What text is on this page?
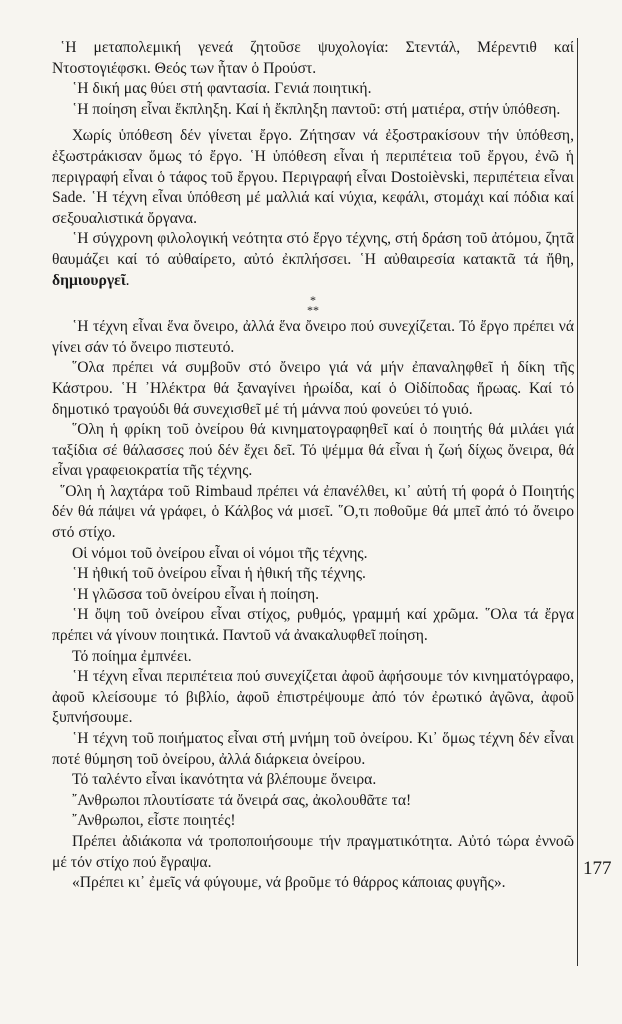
῾Η μεταπολεμική γενεά ζητοῦσε ψυχολογία: Στεντάλ, Μέρεντιθ καί Ντοστογιέφσκι. Θεός των ἦταν ὁ Προύστ.

῾Η δική μας θύει στή φαντασία. Γενιά ποιητική.

῾Η ποίηση εἶναι ἔκπληξη. Καί ἡ ἔκπληξη παντοῦ: στή ματιέρα, στήν ὑπόθεση.

Χωρίς ὑπόθεση δέν γίνεται ἔργο. Ζήτησαν νά ἐξοστρακίσουν τήν ὑπόθεση, ἐξωστράκισαν ὅμως τό ἔργο. ῾Η ὑπόθεση εἶναι ἡ περιπέτεια τοῦ ἔργου, ἐνῶ ἡ περιγραφή εἶναι ὁ τάφος τοῦ ἔργου. Περιγραφή εἶναι Dostoièvski, περιπέτεια εἶναι Sade. ῾Η τέχνη εἶναι ὑπόθεση μέ μαλλιά καί νύχια, κεφάλι, στομάχι καί πόδια καί σεξουαλιστικά ὄργανα.

῾Η σύγχρονη φιλολογική νεότητα στό ἔργο τέχνης, στή δράση τοῦ ἀτόμου, ζητᾶ θαυμάζει καί τό αὐθαίρετο, αὐτό ἐκπλήσσει. ῾Η αὐθαιρεσία κατακτᾶ τά ἤθη, δημιουργεῖ.

*
**

῾Η τέχνη εἶναι ἕνα ὄνειρο, ἀλλά ἕνα ὄνειρο πού συνεχίζεται. Τό ἔργο πρέπει νά γίνει σάν τό ὄνειρο πιστευτό.

῞Ολα πρέπει νά συμβοῦν στό ὄνειρο γιά νά μήν ἐπαναληφθεῖ ἡ δίκη τῆς Κάστρου. ῾Η ᾿Ηλέκτρα θά ξαναγίνει ἡρωίδα, καί ὁ Οἰδίποδας ἥρωας. Καί τό δημοτικό τραγούδι θά συνεχισθεῖ μέ τή μάννα πού φονεύει τό γυιό.

῞Ολη ἡ φρίκη τοῦ ὀνείρου θά κινηματογραφηθεῖ καί ὁ ποιητής θά μιλάει γιά ταξίδια σέ θάλασσες πού δέν ἔχει δεῖ. Τό ψέμμα θά εἶναι ἡ ζωή δίχως ὄνειρα, θά εἶναι γραφειοκρατία τῆς τέχνης.

῞Ολη ἡ λαχτάρα τοῦ Rimbaud πρέπει νά ἐπανέλθει, κι᾿ αὐτή τή φορά ὁ Ποιητής δέν θά πάψει νά γράφει, ὁ Κάλβος νά μισεῖ. ῞Ο,τι ποθοῦμε θά μπεῖ ἀπό τό ὄνειρο στό στίχο.

Οἱ νόμοι τοῦ ὀνείρου εἶναι οἱ νόμοι τῆς τέχνης.

῾Η ἠθική τοῦ ὀνείρου εἶναι ἡ ἠθική τῆς τέχνης.

῾Η γλῶσσα τοῦ ὀνείρου εἶναι ἡ ποίηση.

῾Η ὄψη τοῦ ὀνείρου εἶναι στίχος, ρυθμός, γραμμή καί χρῶμα. ῞Ολα τά ἔργα πρέπει νά γίνουν ποιητικά. Παντοῦ νά ἀνακαλυφθεῖ ποίηση.

Τό ποίημα ἐμπνέει.

῾Η τέχνη εἶναι περιπέτεια πού συνεχίζεται ἀφοῦ ἀφήσουμε τόν κινηματόγραφο, ἀφοῦ κλείσουμε τό βιβλίο, ἀφοῦ ἐπιστρέψουμε ἀπό τόν ἐρωτικό ἀγῶνα, ἀφοῦ ξυπνήσουμε.

῾Η τέχνη τοῦ ποιήματος εἶναι στή μνήμη τοῦ ὀνείρου. Κι᾿ ὅμως τέχνη δέν εἶναι ποτέ θύμηση τοῦ ὀνείρου, ἀλλά διάρκεια ὀνείρου.

Τό ταλέντο εἶναι ἱκανότητα νά βλέπουμε ὄνειρα.

῎Ανθρωποι πλουτίσατε τά ὄνειρά σας, ἀκολουθᾶτε τα!

῎Ανθρωποι, εἶστε ποιητές!

Πρέπει ἀδιάκοπα νά τροποποιήσουμε τήν πραγματικότητα. Αὐτό τώρα ἐννοῶ μέ τόν στίχο πού ἔγραψα.

«Πρέπει κι᾿ ἐμεῖς νά φύγουμε, νά βροῦμε τό θάρρος κάποιας φυγῆς».

177
